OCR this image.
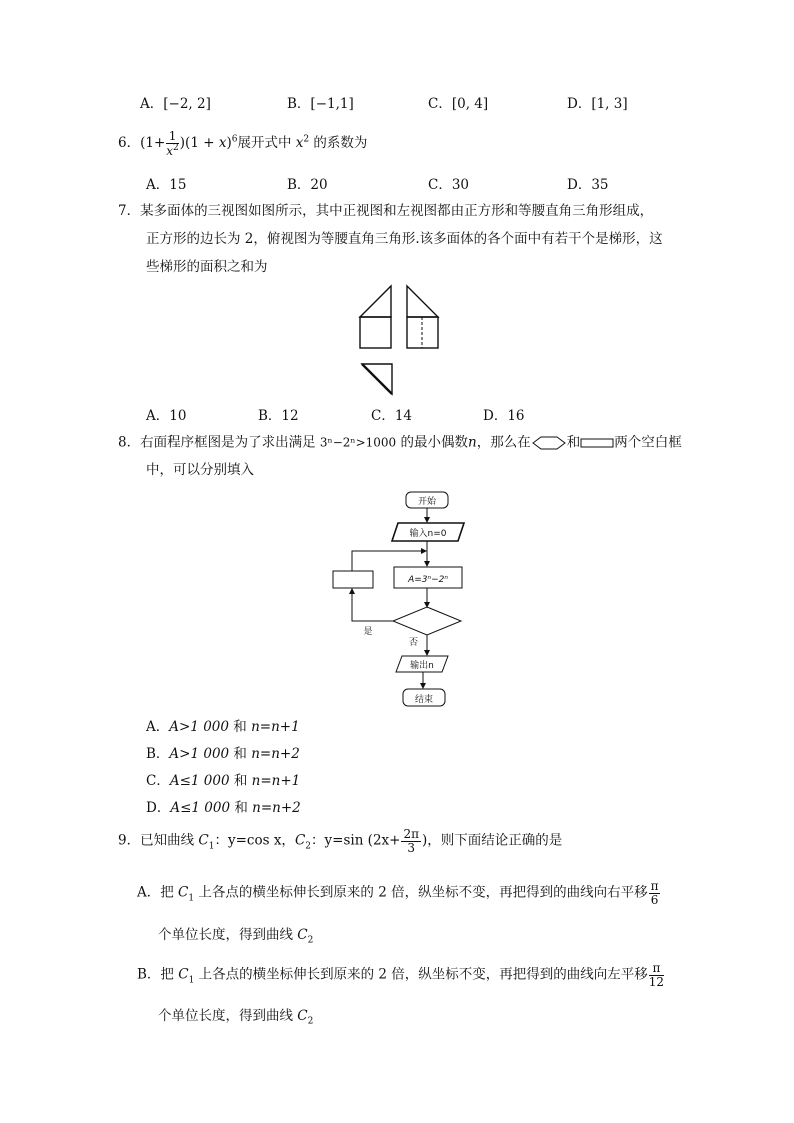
A．[−2, 2]	B．[−1,1]	C．[0, 4]	D．[1, 3]
6．$(1+ \frac{1}{x^2} )(1 + x)^6$展开式中 $x^2$ 的系数为
A．15	B．20	C．30	D．35
7．某多面体的三视图如图所示，其中正视图和左视图都由正方形和等腰直角三角形组成，
正方形的边长为 2，俯视图为等腰直角三角形.该多面体的各个面中有若干个是梯形，这
些梯形的面积之和为
A．10	B．12	C．14	D．16
8．右面程序框图是为了求出满足 3ⁿ−2ⁿ>1000 的最小偶数n，那么在	和	两个空白框
中，可以分别填入
开始
输入n=0
A=3ⁿ−2ⁿ
是
否
输出n
结束
A．A>1 000 和 n=n+1
B．A>1 000 和 n=n+2
C．A≤1 000 和 n=n+1
D．A≤1 000 和 n=n+2
9．已知曲线 $C_1$：y=cos x，$C_2$：y=sin ($2x+ \frac{2\pi}{3}$ )，则下面结论正确的是
A．把 $C_1$ 上各点的横坐标伸长到原来的 2 倍，纵坐标不变，再把得到的曲线向右平移 $\frac{\pi}{6}$
个单位长度，得到曲线 $C_2$
B．把 $C_1$ 上各点的横坐标伸长到原来的 2 倍，纵坐标不变，再把得到的曲线向左平移 $\frac{\pi}{12}$
个单位长度，得到曲线 $C_2$
